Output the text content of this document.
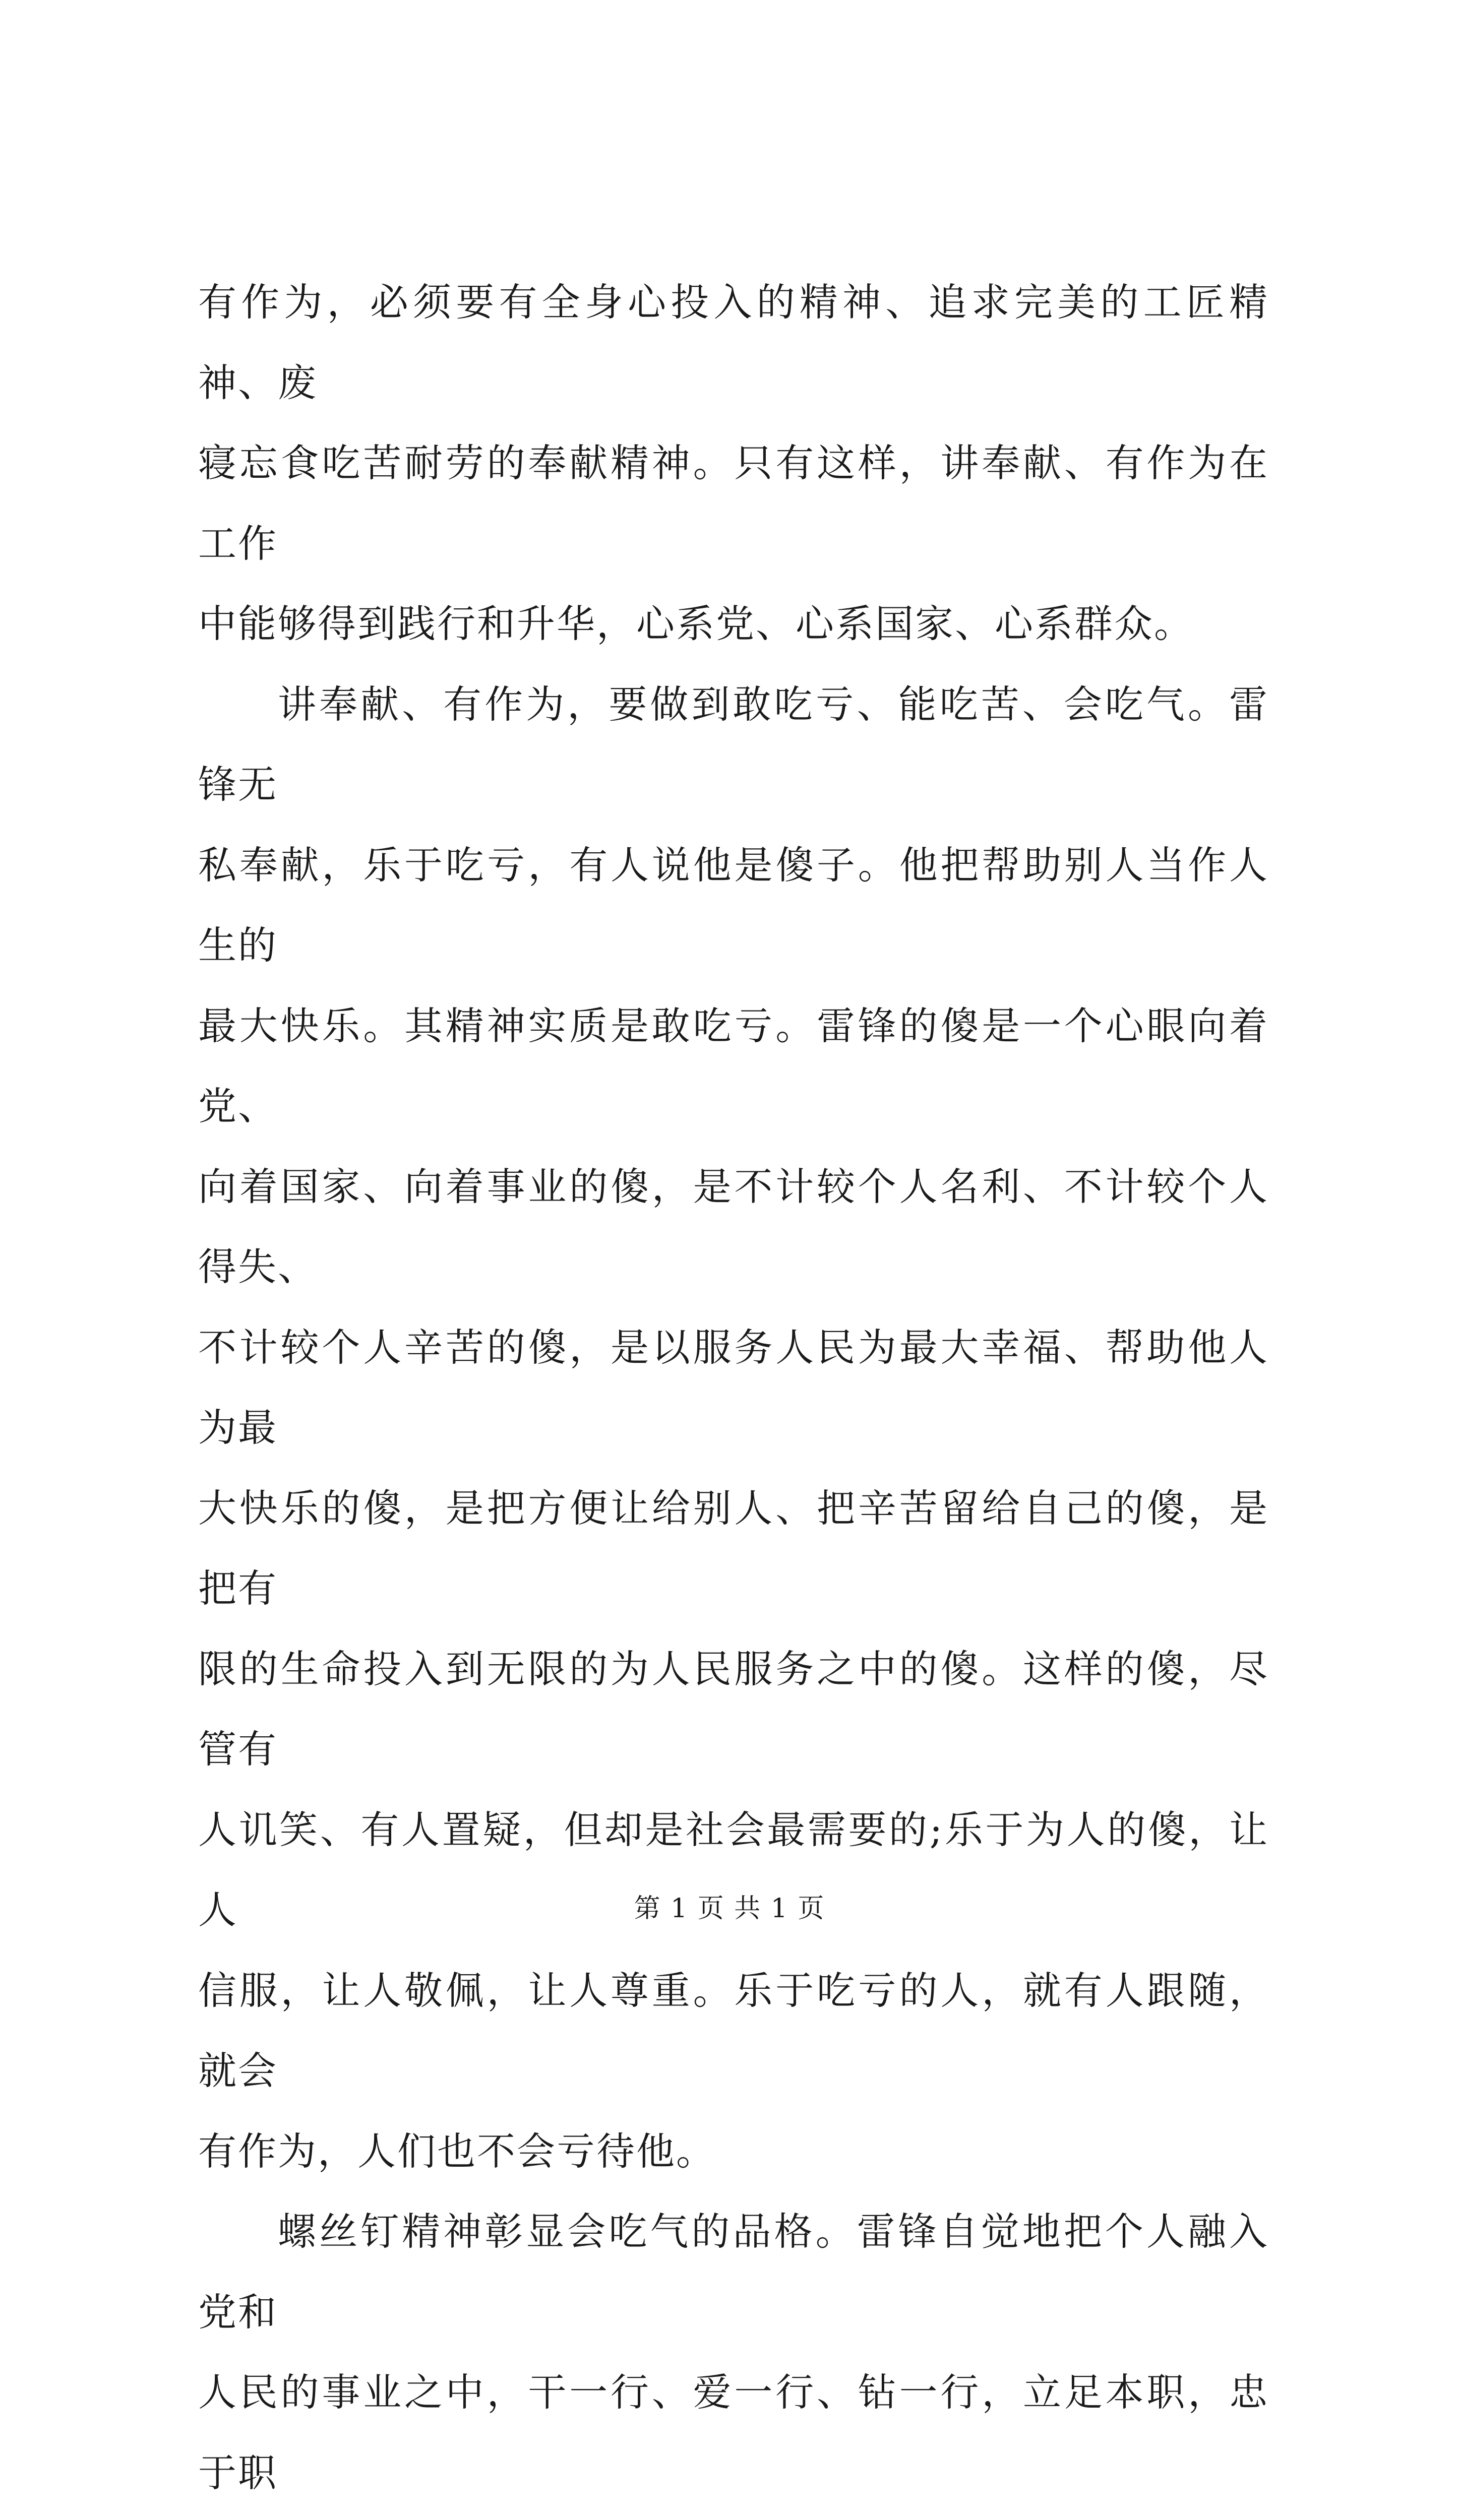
有作为，必须要有全身心投入的精神、追求完美的工匠精神、废
寝忘食吃苦耐劳的奉献精神。只有这样，讲奉献、有作为在工作
中能够得到践行和升华，心系党、心系国家、心系群众。

讲奉献、有作为，要做到敢吃亏、能吃苦、会吃气。雷锋无
私奉献，乐于吃亏，有人说他是傻子。他把帮助别人当作人生的
最大快乐。其精神实质是敢吃亏。雷锋的傻是一个心眼向着党、
向着国家、向着事业的傻，是不计较个人名利、不计较个人得失、
不计较个人辛苦的傻，是以服务人民为最大幸福、帮助他人为最
大快乐的傻，是把方便让给别人、把辛苦留给自己的傻，是把有
限的生命投入到无限的为人民服务之中的傻。这样的傻，尽管有
人讥笑、有人置疑，但却是社会最需要的;乐于为人的傻，让人
信服，让人敬佩，让人尊重。乐于吃亏的人，就有人跟随，就会
有作为，人们也不会亏待他。

螺丝钉精神彰显会吃气的品格。雷锋自觉地把个人融入党和
人民的事业之中，干一行、爱一行、钻一行，立足本职，忠于职

第 1 页 共 1 页
